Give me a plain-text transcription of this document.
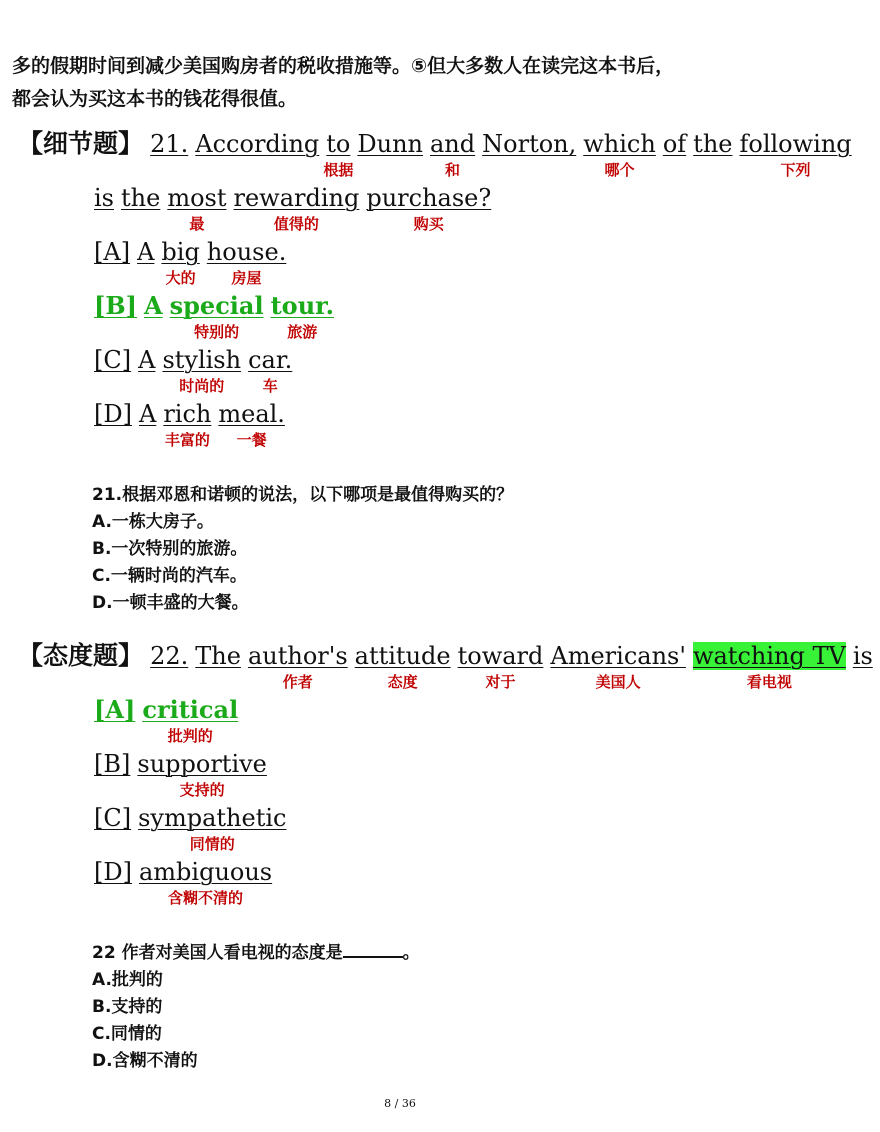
多的假期时间到减少美国购房者的税收措施等。⑤但大多数人在读完这本书后，
都会认为买这本书的钱花得很值。
【细节题】 21. According to
根据
Dunn and
和
Norton, which
哪个
of the following
下列
is the most
最
rewarding
值得的
purchase?
购买
[A] A big
大的
house.
房屋
[B] A special
特别的
tour.
旅游
[C] A stylish
时尚的
car.
车
[D] A rich
丰富的
meal.
一餐
21.根据邓恩和诺顿的说法，以下哪项是最值得购买的？
A.一栋大房子。
B.一次特别的旅游。
C.一辆时尚的汽车。
D.一顿丰盛的大餐。
【态度题】 22. The author's
作者
attitude
态度
toward
对于
Americans'
美国人
watching TV
看电视
is
[A] critical
批判的
[B] supportive
支持的
[C] sympathetic
同情的
[D] ambiguous
含糊不清的
22 作者对美国人看电视的态度是	。
A.批判的
B.支持的
C.同情的
D.含糊不清的
8 / 36
